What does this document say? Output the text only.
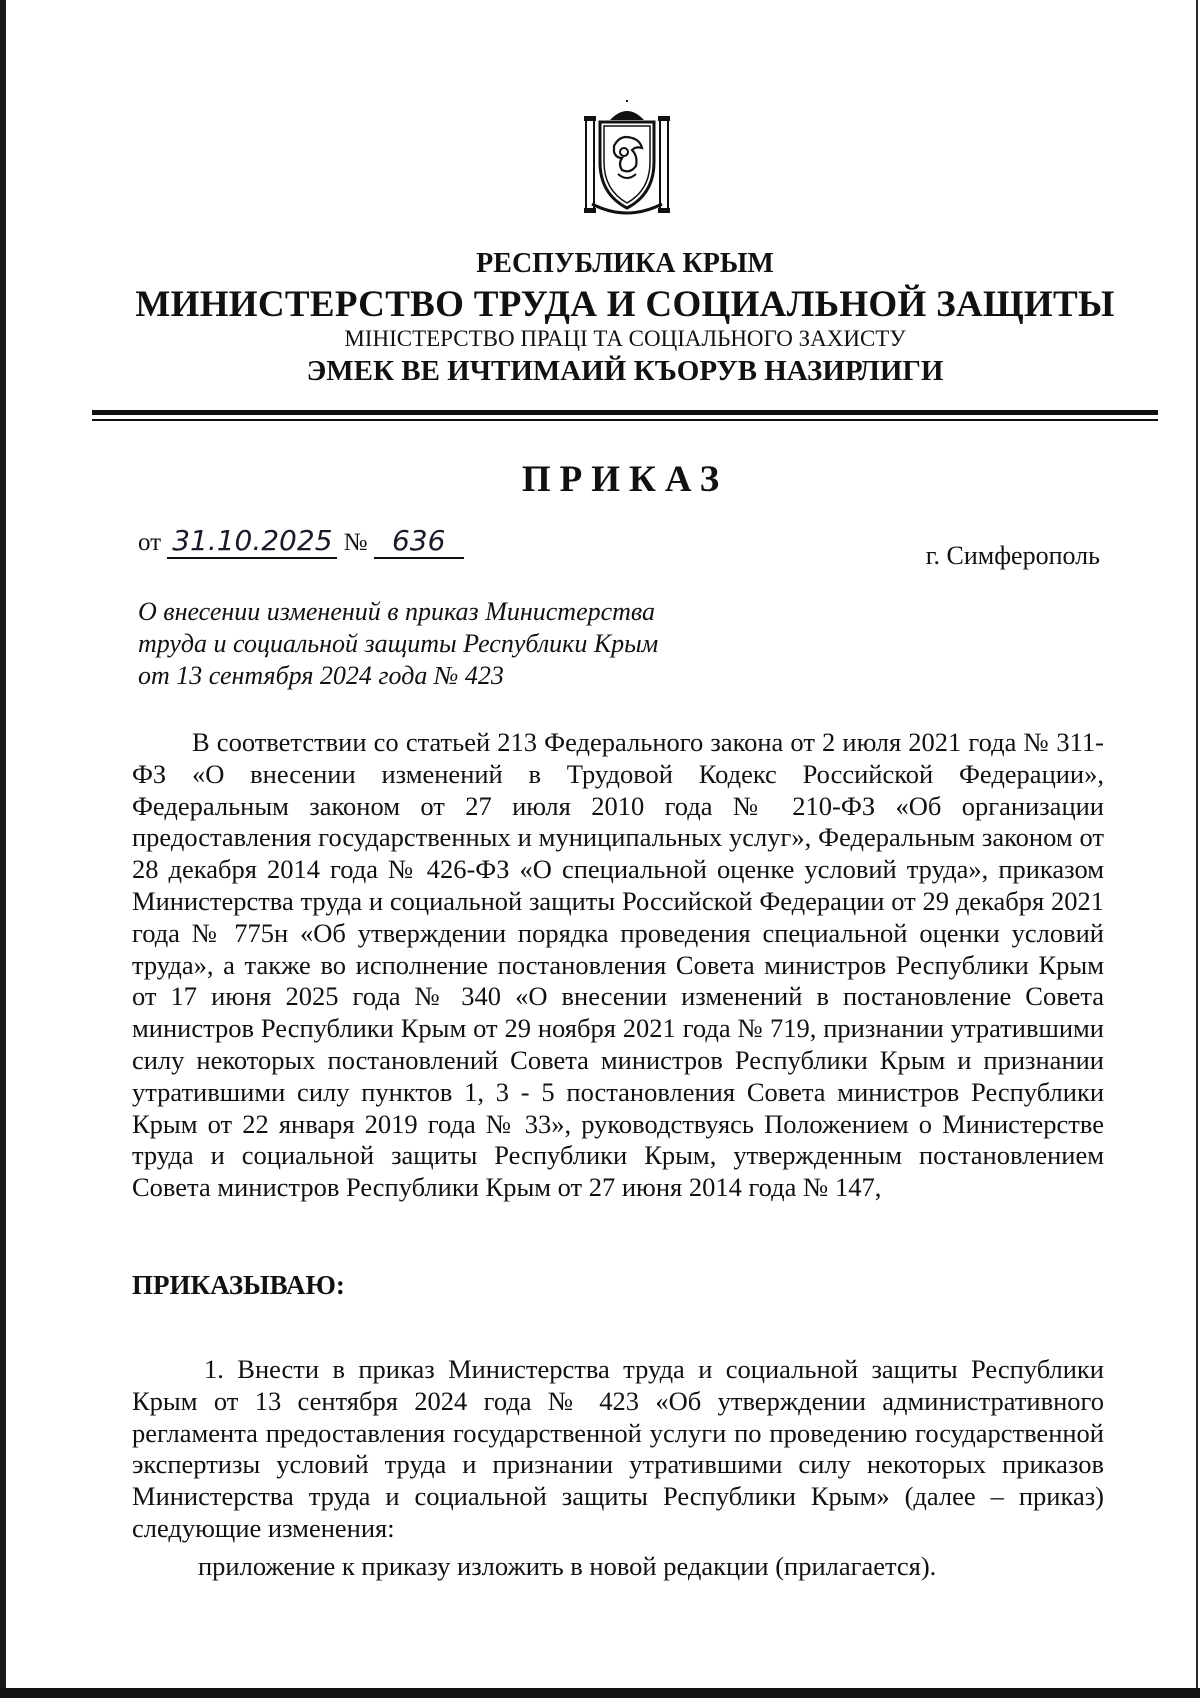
РЕСПУБЛИКА КРЫМ
МИНИСТЕРСТВО ТРУДА И СОЦИАЛЬНОЙ ЗАЩИТЫ
МІНІСТЕРСТВО ПРАЦІ ТА СОЦІАЛЬНОГО ЗАХИСТУ
ЭМЕК ВЕ ИЧТИМАИЙ КЪОРУВ НАЗИРЛИГИ
ПРИКАЗ
от 31.10.2025 № 636	г. Симферополь
О внесении изменений в приказ Министерства
труда и социальной защиты Республики Крым
от 13 сентября 2024 года № 423
В соответствии со статьей 213 Федерального закона от 2 июля 2021 года № 311-ФЗ «О внесении изменений в Трудовой Кодекс Российской Федерации», Федеральным законом от 27 июля 2010 года № 210-ФЗ «Об организации предоставления государственных и муниципальных услуг», Федеральным законом от 28 декабря 2014 года № 426-ФЗ «О специальной оценке условий труда», приказом Министерства труда и социальной защиты Российской Федерации от 29 декабря 2021 года № 775н «Об утверждении порядка проведения специальной оценки условий труда», а также во исполнение постановления Совета министров Республики Крым от 17 июня 2025 года № 340 «О внесении изменений в постановление Совета министров Республики Крым от 29 ноября 2021 года № 719, признании утратившими силу некоторых постановлений Совета министров Республики Крым и признании утратившими силу пунктов 1, 3 - 5 постановления Совета министров Республики Крым от 22 января 2019 года № 33», руководствуясь Положением о Министерстве труда и социальной защиты Республики Крым, утвержденным постановлением Совета министров Республики Крым от 27 июня 2014 года № 147,
ПРИКАЗЫВАЮ:
1. Внести в приказ Министерства труда и социальной защиты Республики Крым от 13 сентября 2024 года № 423 «Об утверждении административного регламента предоставления государственной услуги по проведению государственной экспертизы условий труда и признании утратившими силу некоторых приказов Министерства труда и социальной защиты Республики Крым» (далее – приказ) следующие изменения:
приложение к приказу изложить в новой редакции (прилагается).
